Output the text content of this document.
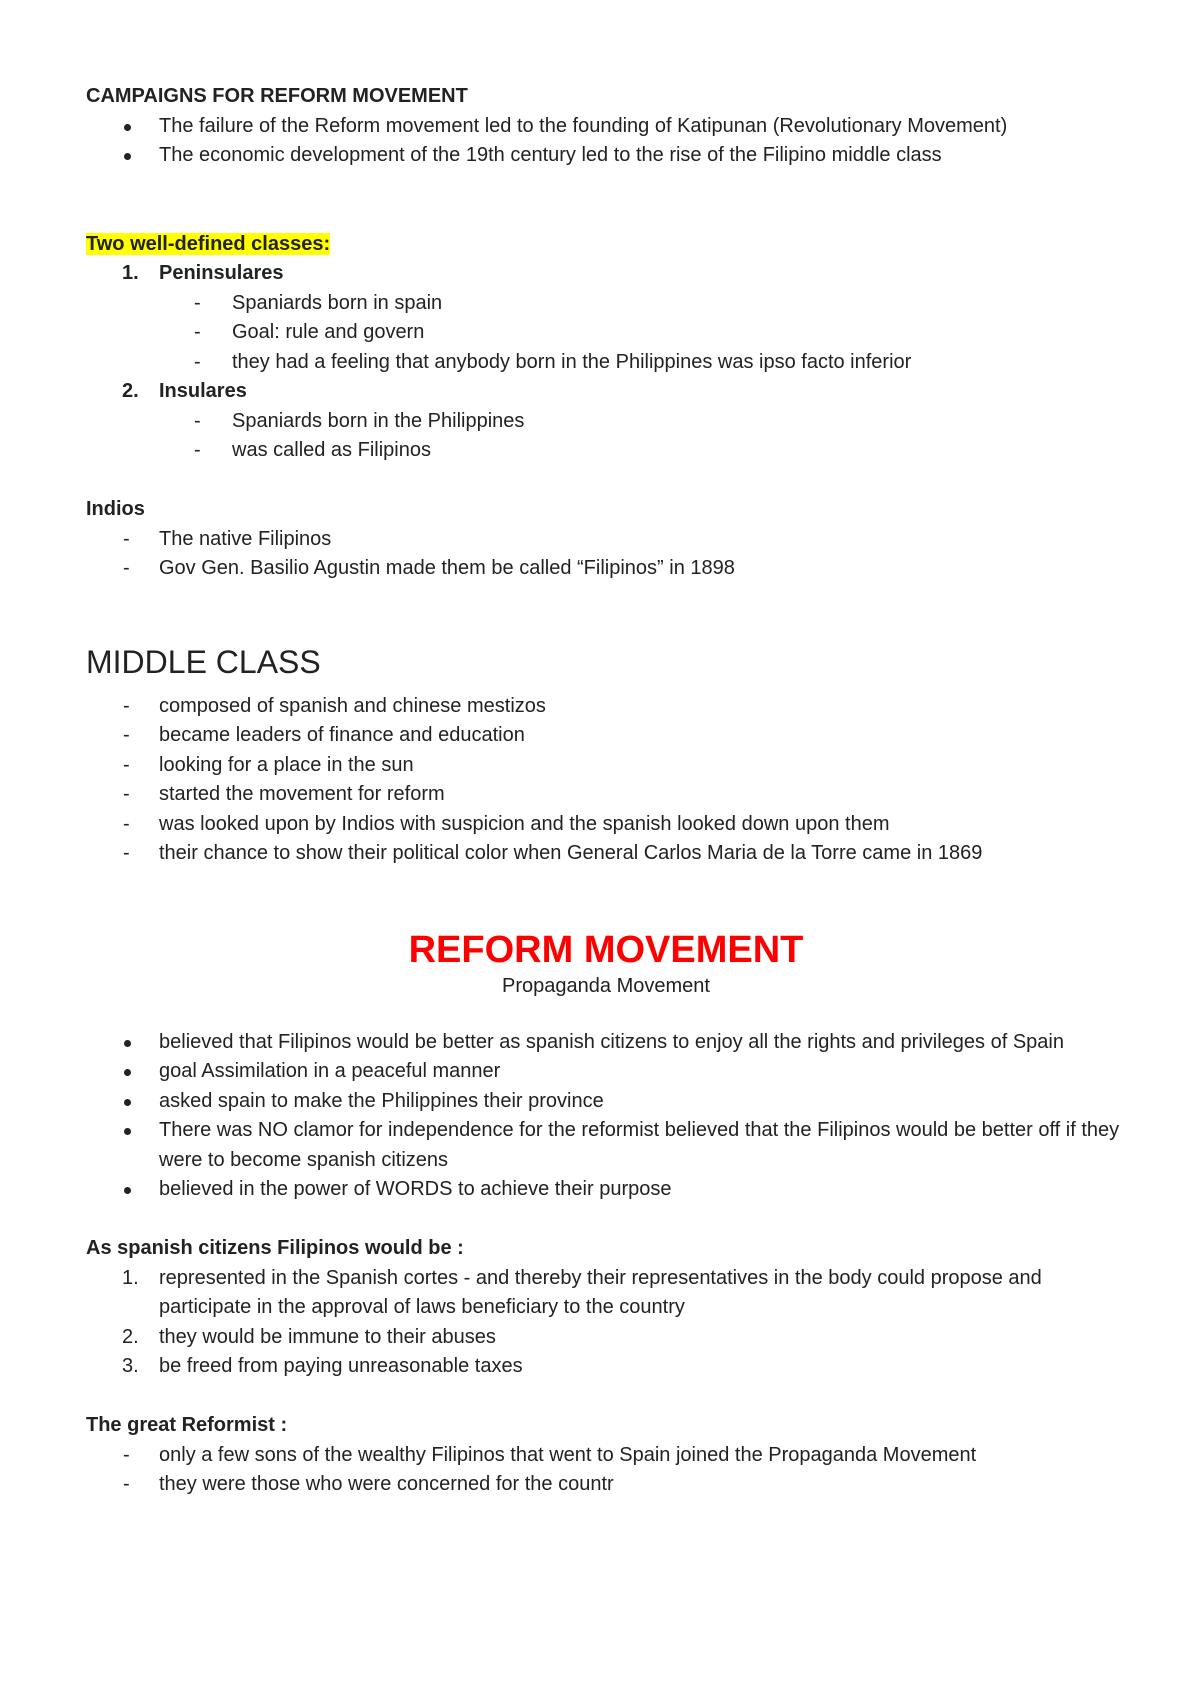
CAMPAIGNS FOR REFORM MOVEMENT
The failure of the Reform movement led to the founding of Katipunan (Revolutionary Movement)
The economic development of the 19th century led to the rise of the Filipino middle class
Two well-defined classes:
1. Peninsulares
- Spaniards born in spain
- Goal: rule and govern
- they had a feeling that anybody born in the Philippines was ipso facto inferior
2. Insulares
- Spaniards born in the Philippines
- was called as Filipinos
Indios
- The native Filipinos
- Gov Gen. Basilio Agustin made them be called “Filipinos” in 1898
MIDDLE CLASS
- composed of spanish and chinese mestizos
- became leaders of finance and education
- looking for a place in the sun
- started the movement for reform
- was looked upon by Indios with suspicion and the spanish looked down upon them
- their chance to show their political color when General Carlos Maria de la Torre came in 1869
REFORM MOVEMENT
Propaganda Movement
believed that Filipinos would be better as spanish citizens to enjoy all the rights and privileges of Spain
goal Assimilation in a peaceful manner
asked spain to make the Philippines their province
There was NO clamor for independence for the reformist believed that the Filipinos would be better off if they were to become spanish citizens
believed in the power of WORDS to achieve their purpose
As spanish citizens Filipinos would be :
1. represented in the Spanish cortes - and thereby their representatives in the body could propose and participate in the approval of laws beneficiary to the country
2. they would be immune to their abuses
3. be freed from paying unreasonable taxes
The great Reformist :
- only a few sons of the wealthy Filipinos that went to Spain joined the Propaganda Movement
- they were those who were concerned for the countr
